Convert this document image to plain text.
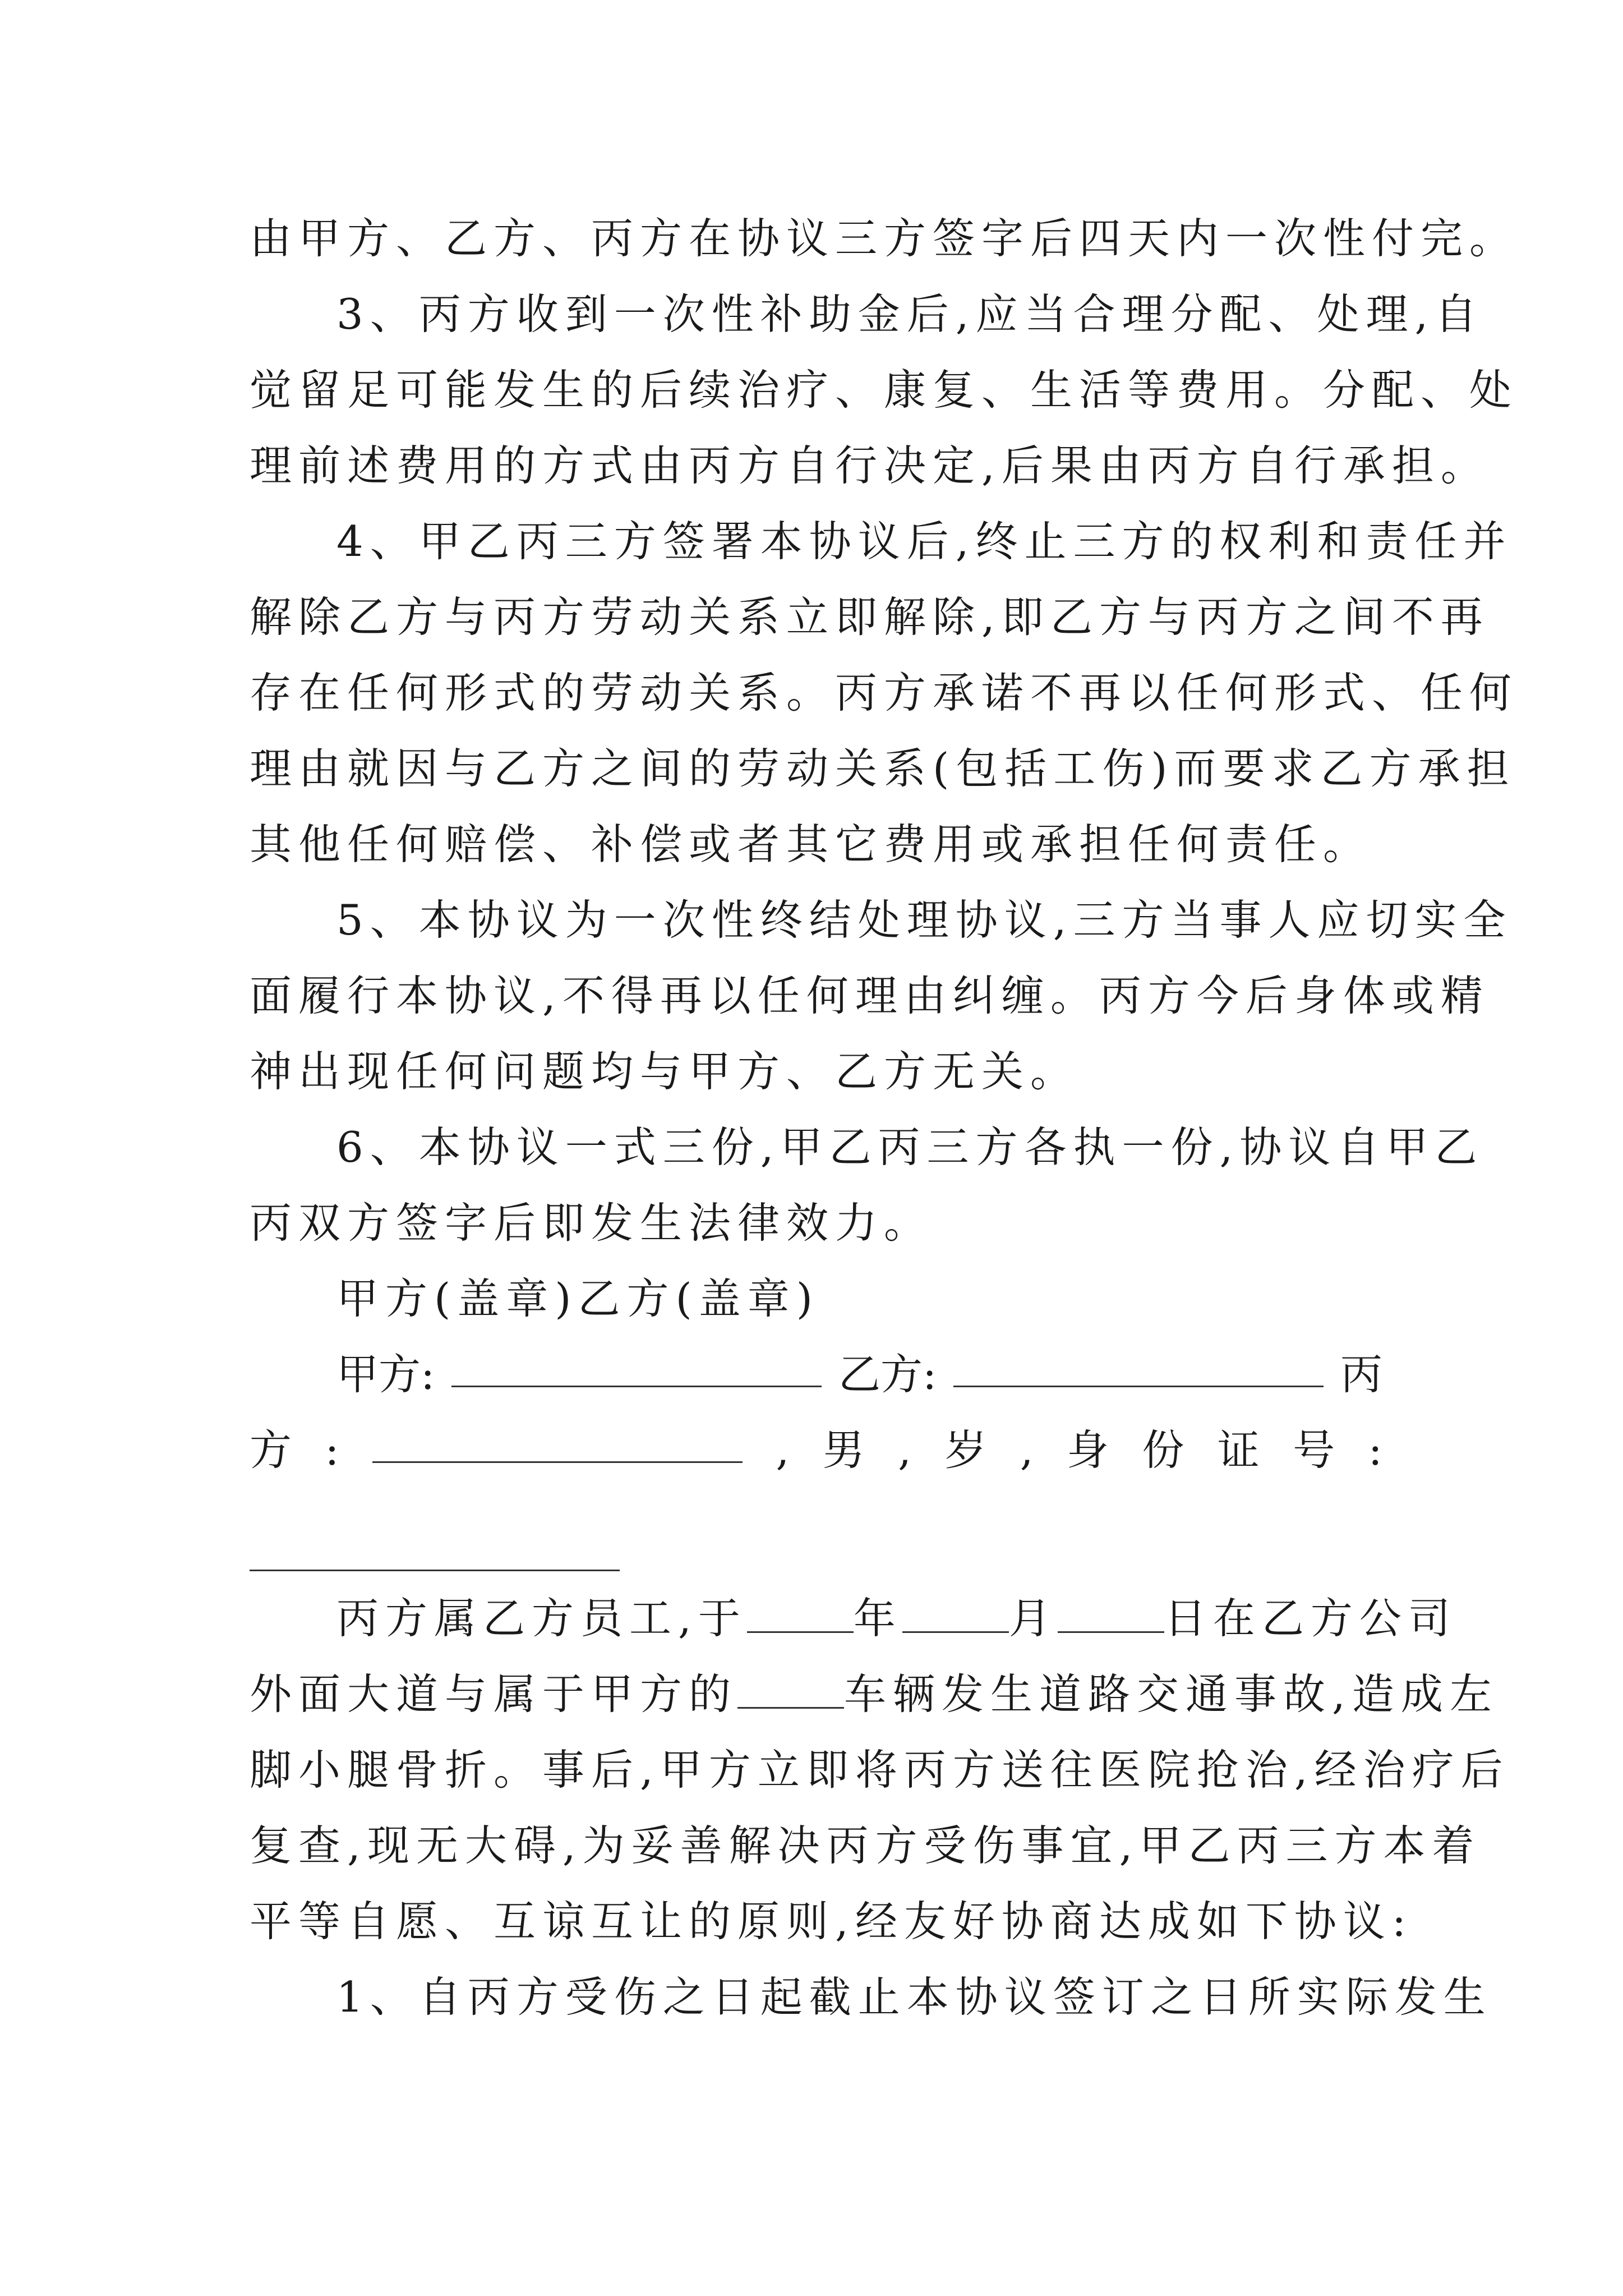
由甲方、乙方、丙方在协议三方签字后四天内一次性付完。
3、丙方收到一次性补助金后,应当合理分配、处理,自
觉留足可能发生的后续治疗、康复、生活等费用。分配、处
理前述费用的方式由丙方自行决定,后果由丙方自行承担。
4、甲乙丙三方签署本协议后,终止三方的权利和责任并
解除乙方与丙方劳动关系立即解除,即乙方与丙方之间不再
存在任何形式的劳动关系。丙方承诺不再以任何形式、任何
理由就因与乙方之间的劳动关系(包括工伤)而要求乙方承担
其他任何赔偿、补偿或者其它费用或承担任何责任。
5、本协议为一次性终结处理协议,三方当事人应切实全
面履行本协议,不得再以任何理由纠缠。丙方今后身体或精
神出现任何问题均与甲方、乙方无关。
6、本协议一式三份,甲乙丙三方各执一份,协议自甲乙
丙双方签字后即发生法律效力。
甲方(盖章)乙方(盖章)
甲方:	乙方:	丙
方 :	, 男 , 岁 , 身 份 证 号 :
丙方属乙方员工,于	年	月	日在乙方公司
外面大道与属于甲方的	车辆发生道路交通事故,造成左
脚小腿骨折。事后,甲方立即将丙方送往医院抢治,经治疗后
复查,现无大碍,为妥善解决丙方受伤事宜,甲乙丙三方本着
平等自愿、互谅互让的原则,经友好协商达成如下协议:
1、自丙方受伤之日起截止本协议签订之日所实际发生
